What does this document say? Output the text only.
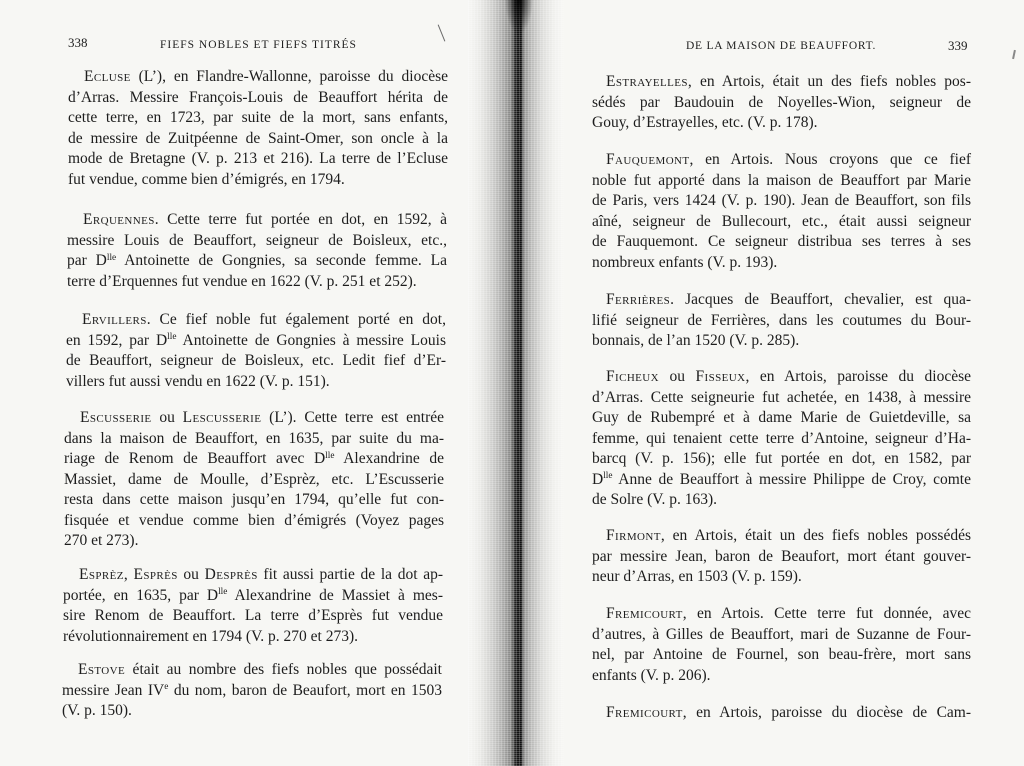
338	FIEFS NOBLES ET FIEFS TITRÉS
Ecluse (L’), en Flandre-Wallonne, paroisse du diocèse
d’Arras. Messire François-Louis de Beauffort hérita de
cette terre, en 1723, par suite de la mort, sans enfants,
de messire de Zuitpéenne de Saint-Omer, son oncle à la
mode de Bretagne (V. p. 213 et 216). La terre de l’Ecluse
fut vendue, comme bien d’émigrés, en 1794.
Erquennes. Cette terre fut portée en dot, en 1592, à
messire Louis de Beauffort, seigneur de Boisleux, etc.,
par $D^{lle}$ Antoinette de Gongnies, sa seconde femme. La
terre d’Erquennes fut vendue en 1622 (V. p. 251 et 252).
Ervillers. Ce fief noble fut également porté en dot,
en 1592, par $D^{lle}$ Antoinette de Gongnies à messire Louis
de Beauffort, seigneur de Boisleux, etc. Ledit fief d’Er-
villers fut aussi vendu en 1622 (V. p. 151).
Escusserie ou Lescusserie (L’). Cette terre est entrée
dans la maison de Beauffort, en 1635, par suite du ma-
riage de Renom de Beauffort avec $D^{lle}$ Alexandrine de
Massiet, dame de Moulle, d’Esprèz, etc. L’Escusserie
resta dans cette maison jusqu’en 1794, qu’elle fut con-
fisquée et vendue comme bien d’émigrés (Voyez pages
270 et 273).
Esprèz, Esprès ou Desprès fit aussi partie de la dot ap-
portée, en 1635, par $D^{lle}$ Alexandrine de Massiet à mes-
sire Renom de Beauffort. La terre d’Esprès fut vendue
révolutionnairement en 1794 (V. p. 270 et 273).
Estove était au nombre des fiefs nobles que possédait
messire Jean IVe du nom, baron de Beaufort, mort en 1503
(V. p. 150).
DE LA MAISON DE BEAUFFORT.	339
Estrayelles, en Artois, était un des fiefs nobles pos-
sédés par Baudouin de Noyelles-Wion, seigneur de
Gouy, d’Estrayelles, etc. (V. p. 178).
Fauquemont, en Artois. Nous croyons que ce fief
noble fut apporté dans la maison de Beauffort par Marie
de Paris, vers 1424 (V. p. 190). Jean de Beauffort, son fils
aîné, seigneur de Bullecourt, etc., était aussi seigneur
de Fauquemont. Ce seigneur distribua ses terres à ses
nombreux enfants (V. p. 193).
Ferrières. Jacques de Beauffort, chevalier, est qua-
lifié seigneur de Ferrières, dans les coutumes du Bour-
bonnais, de l’an 1520 (V. p. 285).
Ficheux ou Fisseux, en Artois, paroisse du diocèse
d’Arras. Cette seigneurie fut achetée, en 1438, à messire
Guy de Rubempré et à dame Marie de Guietdeville, sa
femme, qui tenaient cette terre d’Antoine, seigneur d’Ha-
barcq (V. p. 156); elle fut portée en dot, en 1582, par
$D^{lle}$ Anne de Beauffort à messire Philippe de Croy, comte
de Solre (V. p. 163).
Firmont, en Artois, était un des fiefs nobles possédés
par messire Jean, baron de Beaufort, mort étant gouver-
neur d’Arras, en 1503 (V. p. 159).
Fremicourt, en Artois. Cette terre fut donnée, avec
d’autres, à Gilles de Beauffort, mari de Suzanne de Four-
nel, par Antoine de Fournel, son beau-frère, mort sans
enfants (V. p. 206).
Fremicourt, en Artois, paroisse du diocèse de Cam-
